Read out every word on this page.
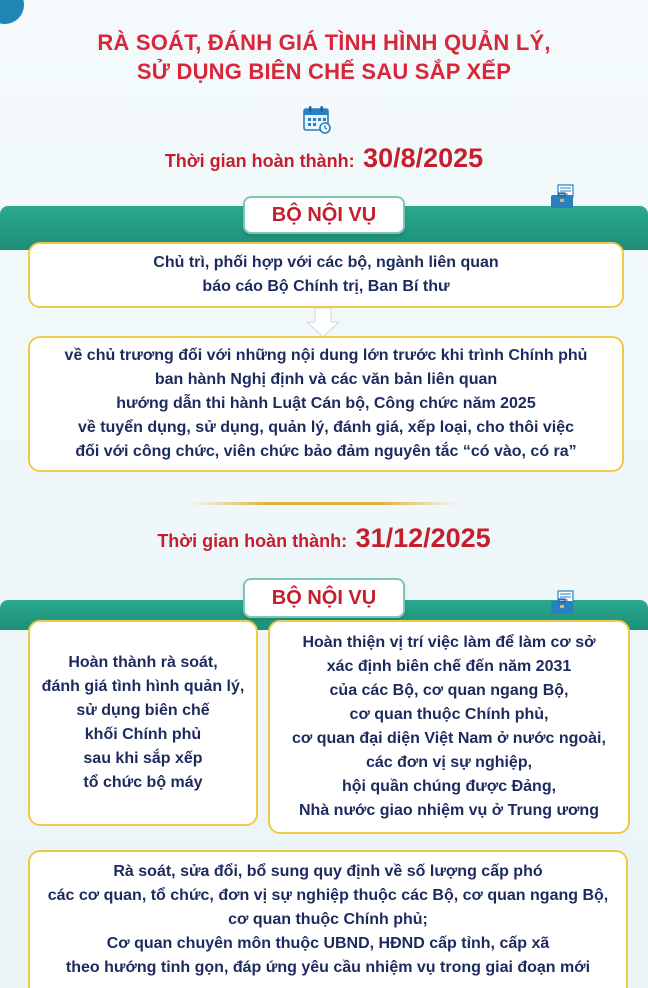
RÀ SOÁT, ĐÁNH GIÁ TÌNH HÌNH QUẢN LÝ,
SỬ DỤNG BIÊN CHẾ SAU SẮP XẾP
Thời gian hoàn thành: 30/8/2025
BỘ NỘI VỤ
Chủ trì, phối hợp với các bộ, ngành liên quan
báo cáo Bộ Chính trị, Ban Bí thư
về chủ trương đối với những nội dung lớn trước khi trình Chính phủ
ban hành Nghị định và các văn bản liên quan
hướng dẫn thi hành Luật Cán bộ, Công chức năm 2025
về tuyển dụng, sử dụng, quản lý, đánh giá, xếp loại, cho thôi việc
đối với công chức, viên chức bảo đảm nguyên tắc “có vào, có ra”
Thời gian hoàn thành: 31/12/2025
BỘ NỘI VỤ
Hoàn thành rà soát,
đánh giá tình hình quản lý,
sử dụng biên chế
khối Chính phủ
sau khi sắp xếp
tổ chức bộ máy
Hoàn thiện vị trí việc làm để làm cơ sở
xác định biên chế đến năm 2031
của các Bộ, cơ quan ngang Bộ,
cơ quan thuộc Chính phủ,
cơ quan đại diện Việt Nam ở nước ngoài,
các đơn vị sự nghiệp,
hội quần chúng được Đảng,
Nhà nước giao nhiệm vụ ở Trung ương
Rà soát, sửa đổi, bổ sung quy định về số lượng cấp phó
các cơ quan, tổ chức, đơn vị sự nghiệp thuộc các Bộ, cơ quan ngang Bộ,
cơ quan thuộc Chính phủ;
Cơ quan chuyên môn thuộc UBND, HĐND cấp tỉnh, cấp xã
theo hướng tinh gọn, đáp ứng yêu cầu nhiệm vụ trong giai đoạn mới
